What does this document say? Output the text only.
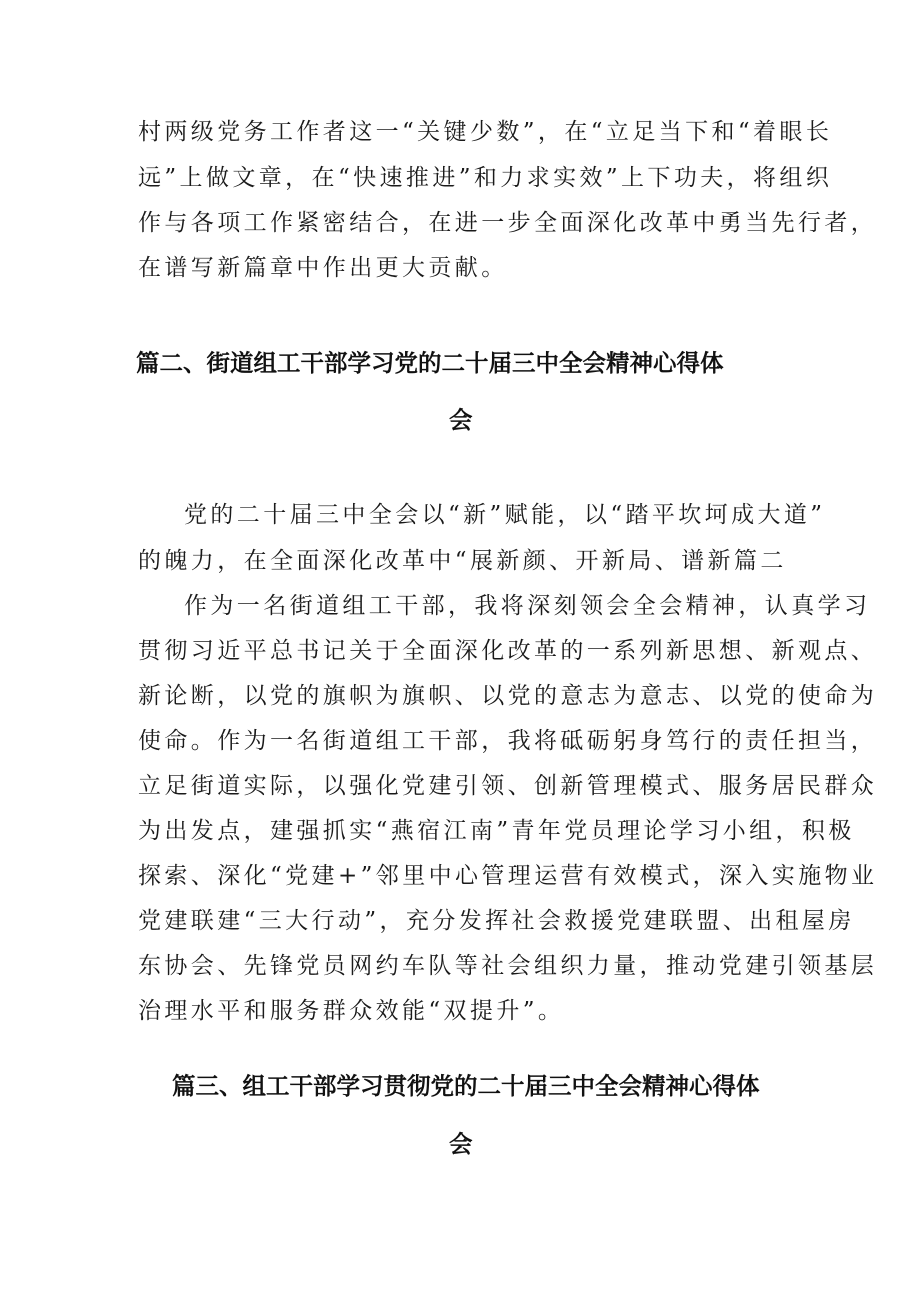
村两级党务工作者这一“关键少数”，在“立足当下和“着眼长

远”上做文章，在“快速推进”和力求实效”上下功夫，将组织

作与各项工作紧密结合，在进一步全面深化改革中勇当先行者，

在谱写新篇章中作出更大贡献。

篇二、街道组工干部学习党的二十届三中全会精神心得体
会

党的二十届三中全会以“新”赋能，以“踏平坎坷成大道”

的魄力，在全面深化改革中“展新颜、开新局、谱新篇二

作为一名街道组工干部，我将深刻领会全会精神，认真学习

贯彻习近平总书记关于全面深化改革的一系列新思想、新观点、

新论断，以党的旗帜为旗帜、以党的意志为意志、以党的使命为

使命。作为一名街道组工干部，我将砥砺躬身笃行的责任担当，

立足街道实际，以强化党建引领、创新管理模式、服务居民群众

为出发点，建强抓实“燕宿江南”青年党员理论学习小组，积极

探索、深化“党建+”邻里中心管理运营有效模式，深入实施物业

党建联建“三大行动”，充分发挥社会救援党建联盟、出租屋房

东协会、先锋党员网约车队等社会组织力量，推动党建引领基层

治理水平和服务群众效能“双提升”。

篇三、组工干部学习贯彻党的二十届三中全会精神心得体
会
